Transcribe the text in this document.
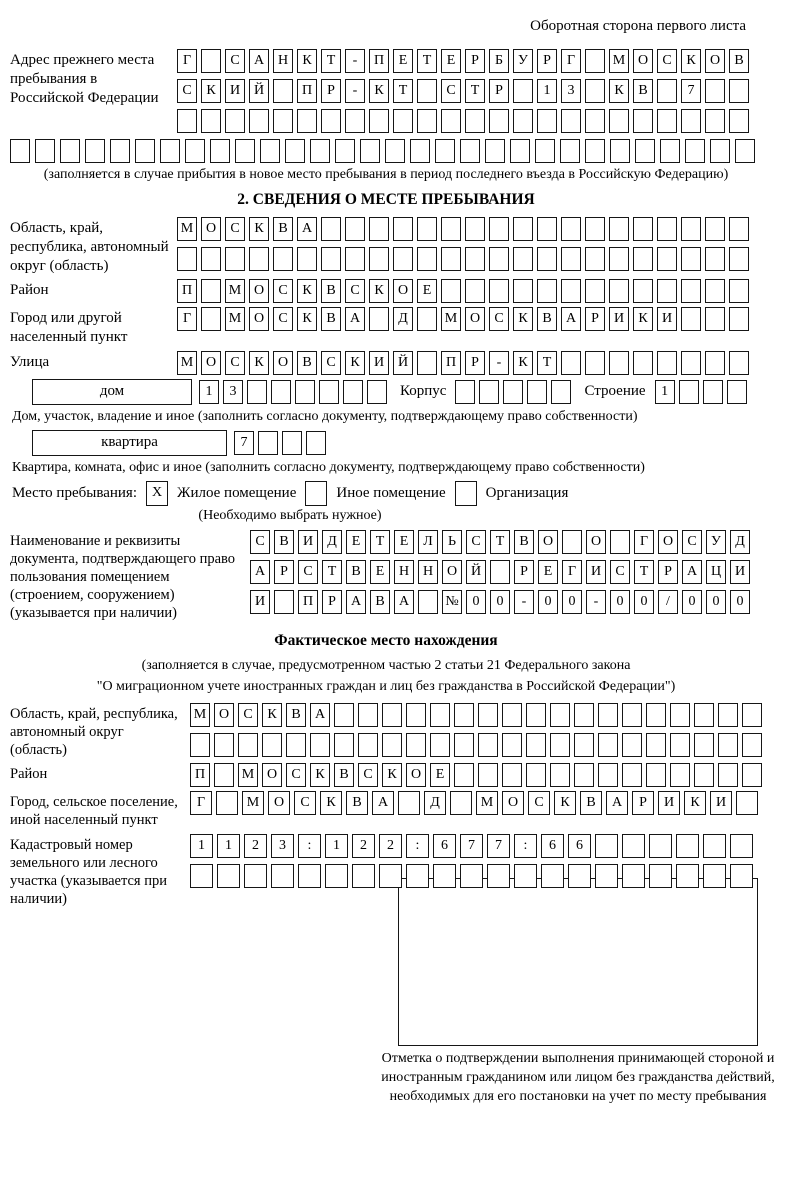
Оборотная сторона первого листа
Адрес прежнего места пребывания в Российской Федерации
Г	С	А Н	К	Т	-	П	Е	Т	Е	Р	Б	У	Р	Г	М О	С	К	О	В
С	К	И Й	П	Р	-	К	Т	С	Т	Р	1	3	К	В	7
(заполняется в случае прибытия в новое место пребывания в период последнего въезда в Российскую Федерацию)
2. СВЕДЕНИЯ О МЕСТЕ ПРЕБЫВАНИЯ
Область, край, республика, автономный округ (область)
М О	С	К	В	А
Район	П	М О	С	К	В	С	К	О	Е
Город или другой населенный пункт
Г	М О	С	К	В	А	Д	М О	С	К	В	А	Р	И	К	И
Улица	М О	С	К	О	В	С	К	И Й	П	Р	-	К	Т
дом	1	3	Корпус	Строение	1
Дом, участок, владение и иное (заполнить согласно документу, подтверждающему право собственности)
квартира	7
Квартира, комната, офис и иное (заполнить согласно документу, подтверждающему право собственности)
Место пребывания:	X Жилое помещение	Иное помещение	Организация
(Необходимо выбрать нужное)
Наименование и реквизиты документа, подтверждающего право пользования помещением (строением, сооружением) (указывается при наличии)
С	В	И	Д	Е	Т	Е	Л	Ь	С	Т	В	О	О	Г	О	С	У	Д
А	Р	С	Т	В	Е	Н Н О Й	Р	Е	Г	И	С	Т	Р	А Ц И
И	П	Р	А	В	А	№ 0	0	-	0	0	-	0	0	/	0	0	0
Фактическое место нахождения
(заполняется в случае, предусмотренном частью 2 статьи 21 Федерального закона
"О миграционном учете иностранных граждан и лиц без гражданства в Российской Федерации")
Область, край, республика, автономный округ (область)
М О	С	К	В	А
Район	П	М О	С	К	В	С	К	О	Е
Город, сельское поселение, иной населенный пункт
Г	М	О	С	К	В	А	Д	М	О	С	К	В	А	Р	И	К	И
Кадастровый номер земельного или лесного участка (указывается при наличии)
1	1	2	3	:	1	2	2	:	6	7	7	:	6	6
Отметка о подтверждении выполнения принимающей стороной и иностранным гражданином или лицом без гражданства действий, необходимых для его постановки на учет по месту пребывания
